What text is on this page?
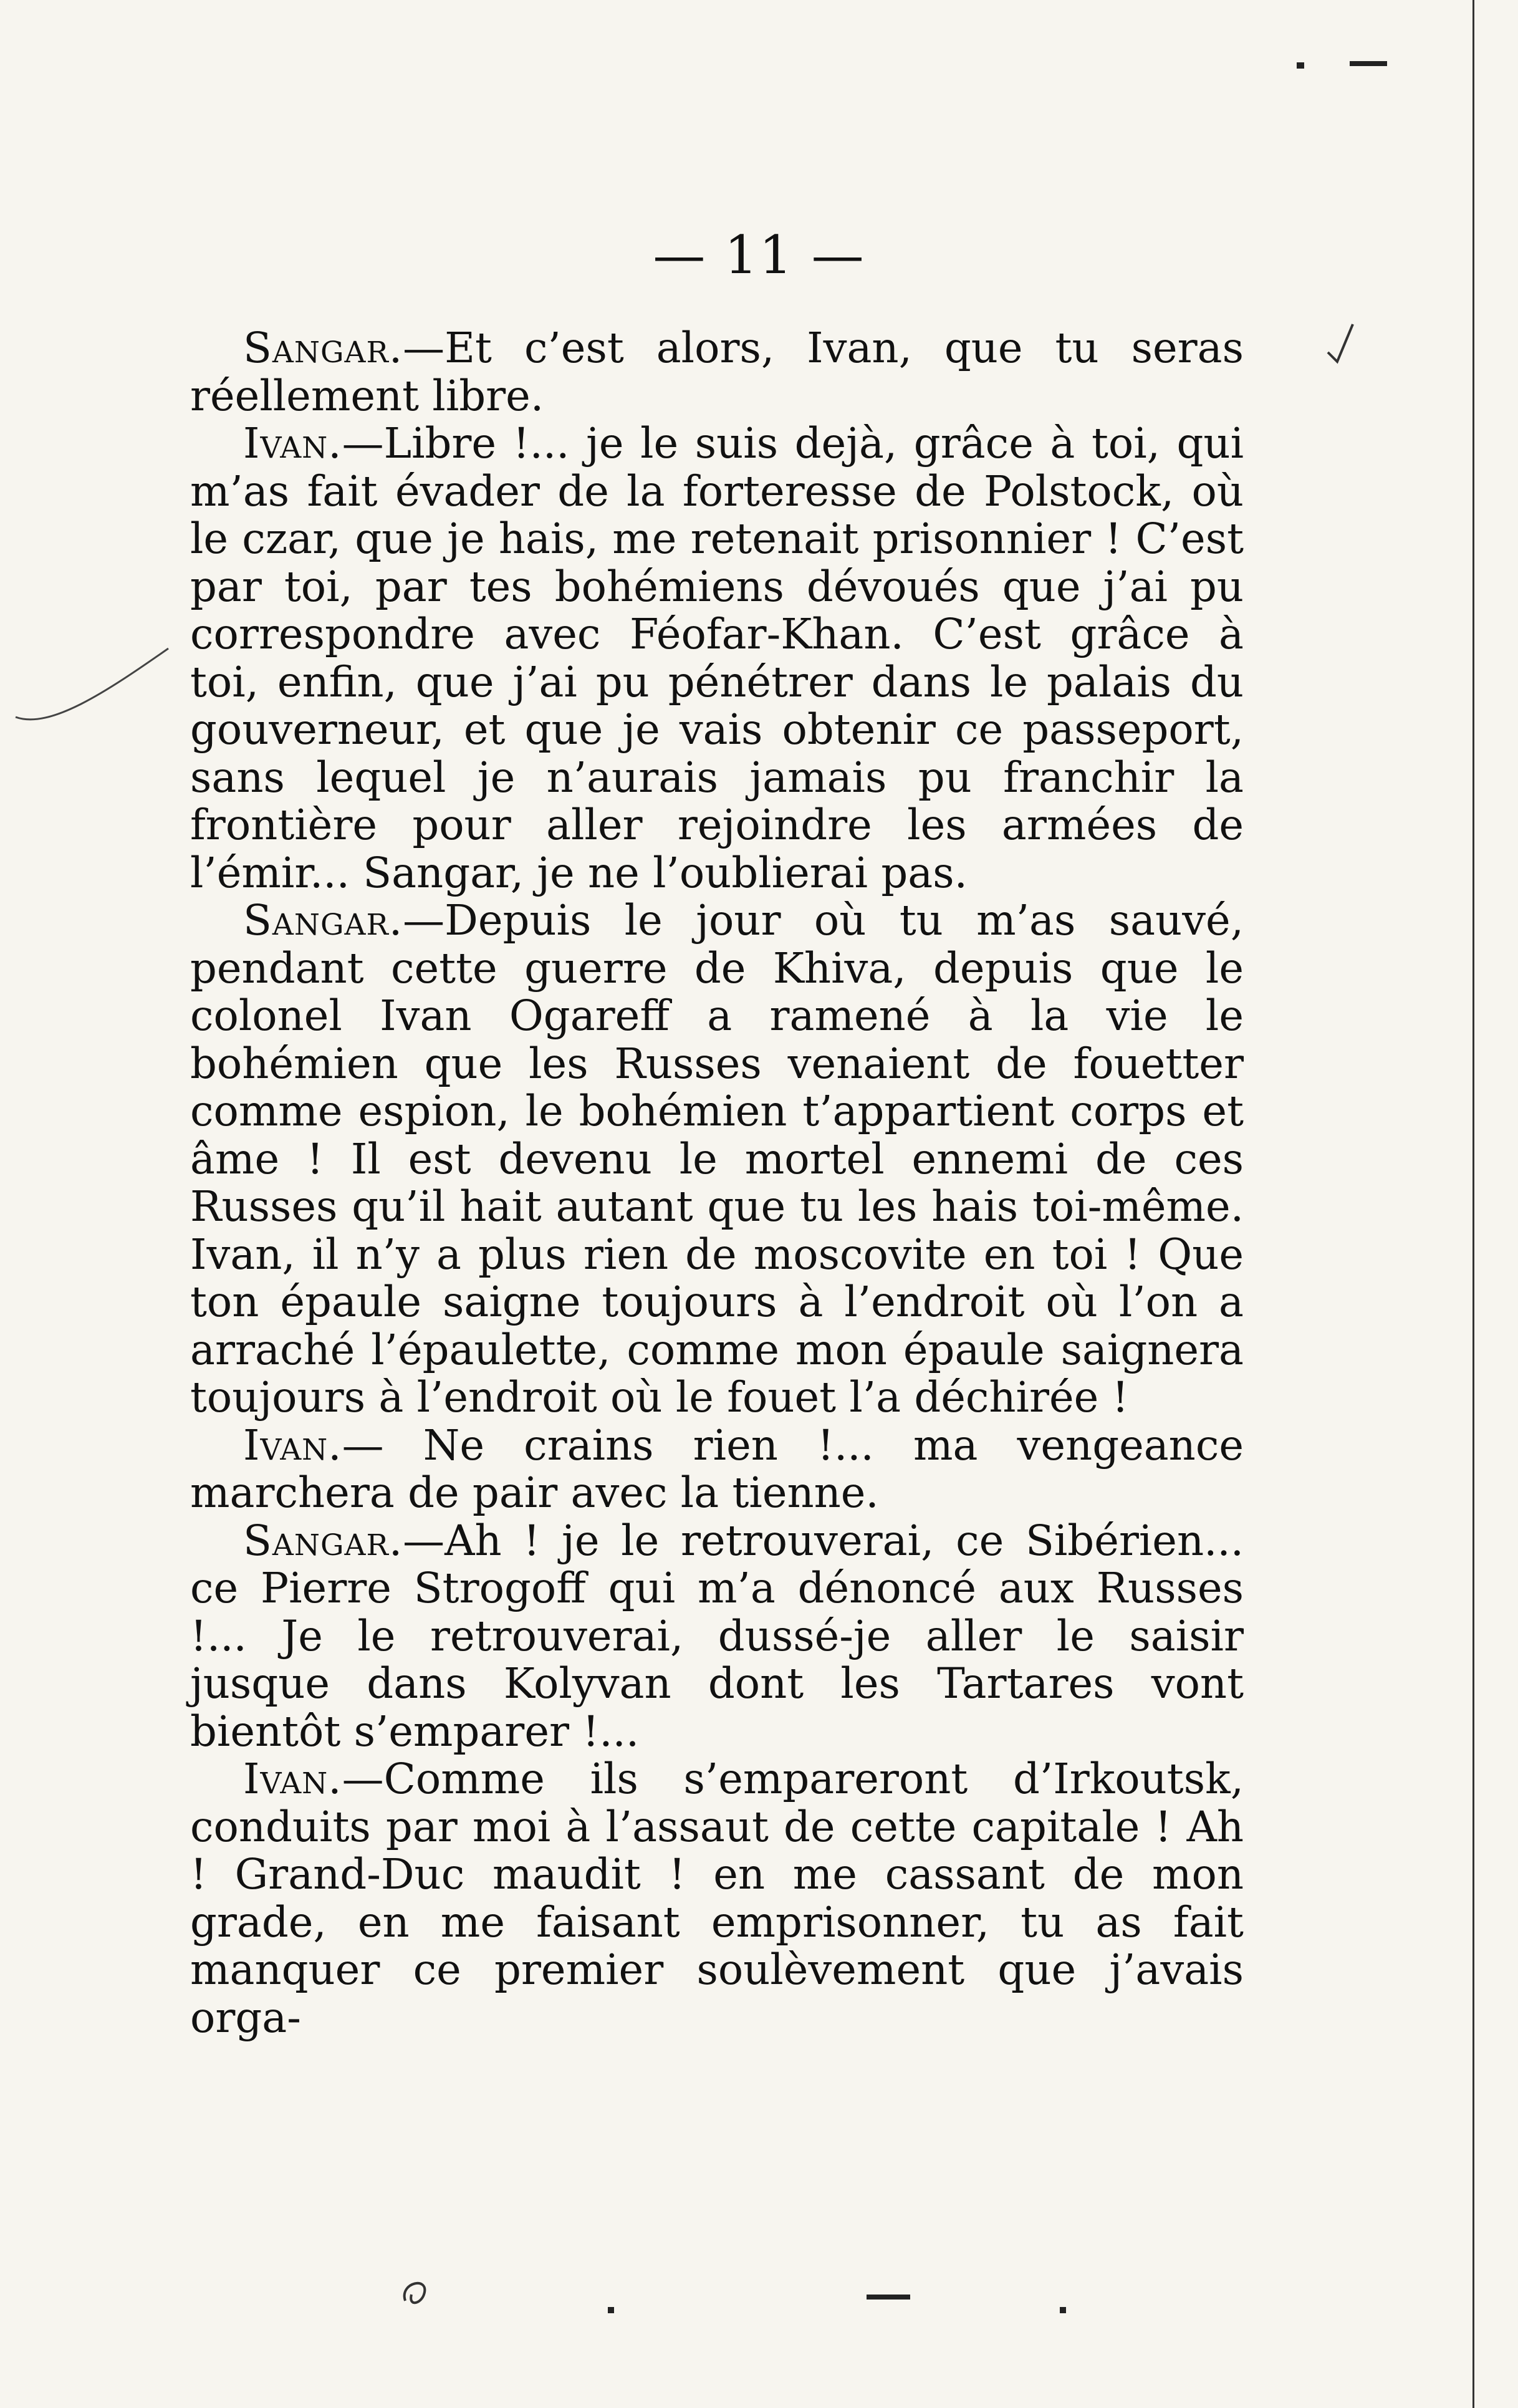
— 11 —

Sangar.—Et c’est alors, Ivan, que tu seras réellement libre.

Ivan.—Libre !... je le suis dejà, grâce à toi, qui m’as fait évader de la forteresse de Polstock, où le czar, que je hais, me retenait prisonnier ! C’est par toi, par tes bohémiens dévoués que j’ai pu correspondre avec Féofar-Khan. C’est grâce à toi, enfin, que j’ai pu pénétrer dans le palais du gouverneur, et que je vais obtenir ce passeport, sans lequel je n’aurais jamais pu franchir la frontière pour aller rejoindre les armées de l’émir... Sangar, je ne l’oublierai pas.

Sangar.—Depuis le jour où tu m’as sauvé, pendant cette guerre de Khiva, depuis que le colonel Ivan Ogareff a ramené à la vie le bohémien que les Russes venaient de fouetter comme espion, le bohémien t’appartient corps et âme ! Il est devenu le mortel ennemi de ces Russes qu’il hait autant que tu les hais toi-même. Ivan, il n’y a plus rien de moscovite en toi ! Que ton épaule saigne toujours à l’endroit où l’on a arraché l’épaulette, comme mon épaule saignera toujours à l’endroit où le fouet l’a déchirée !

Ivan.— Ne crains rien !... ma vengeance marchera de pair avec la tienne.

Sangar.—Ah ! je le retrouverai, ce Sibérien... ce Pierre Strogoff qui m’a dénoncé aux Russes !... Je le retrouverai, dussé-je aller le saisir jusque dans Kolyvan dont les Tartares vont bientôt s’emparer !...

Ivan.—Comme ils s’empareront d’Irkoutsk, conduits par moi à l’assaut de cette capitale ! Ah ! Grand-Duc maudit ! en me cassant de mon grade, en me faisant emprisonner, tu as fait manquer ce premier soulèvement que j’avais orga-
